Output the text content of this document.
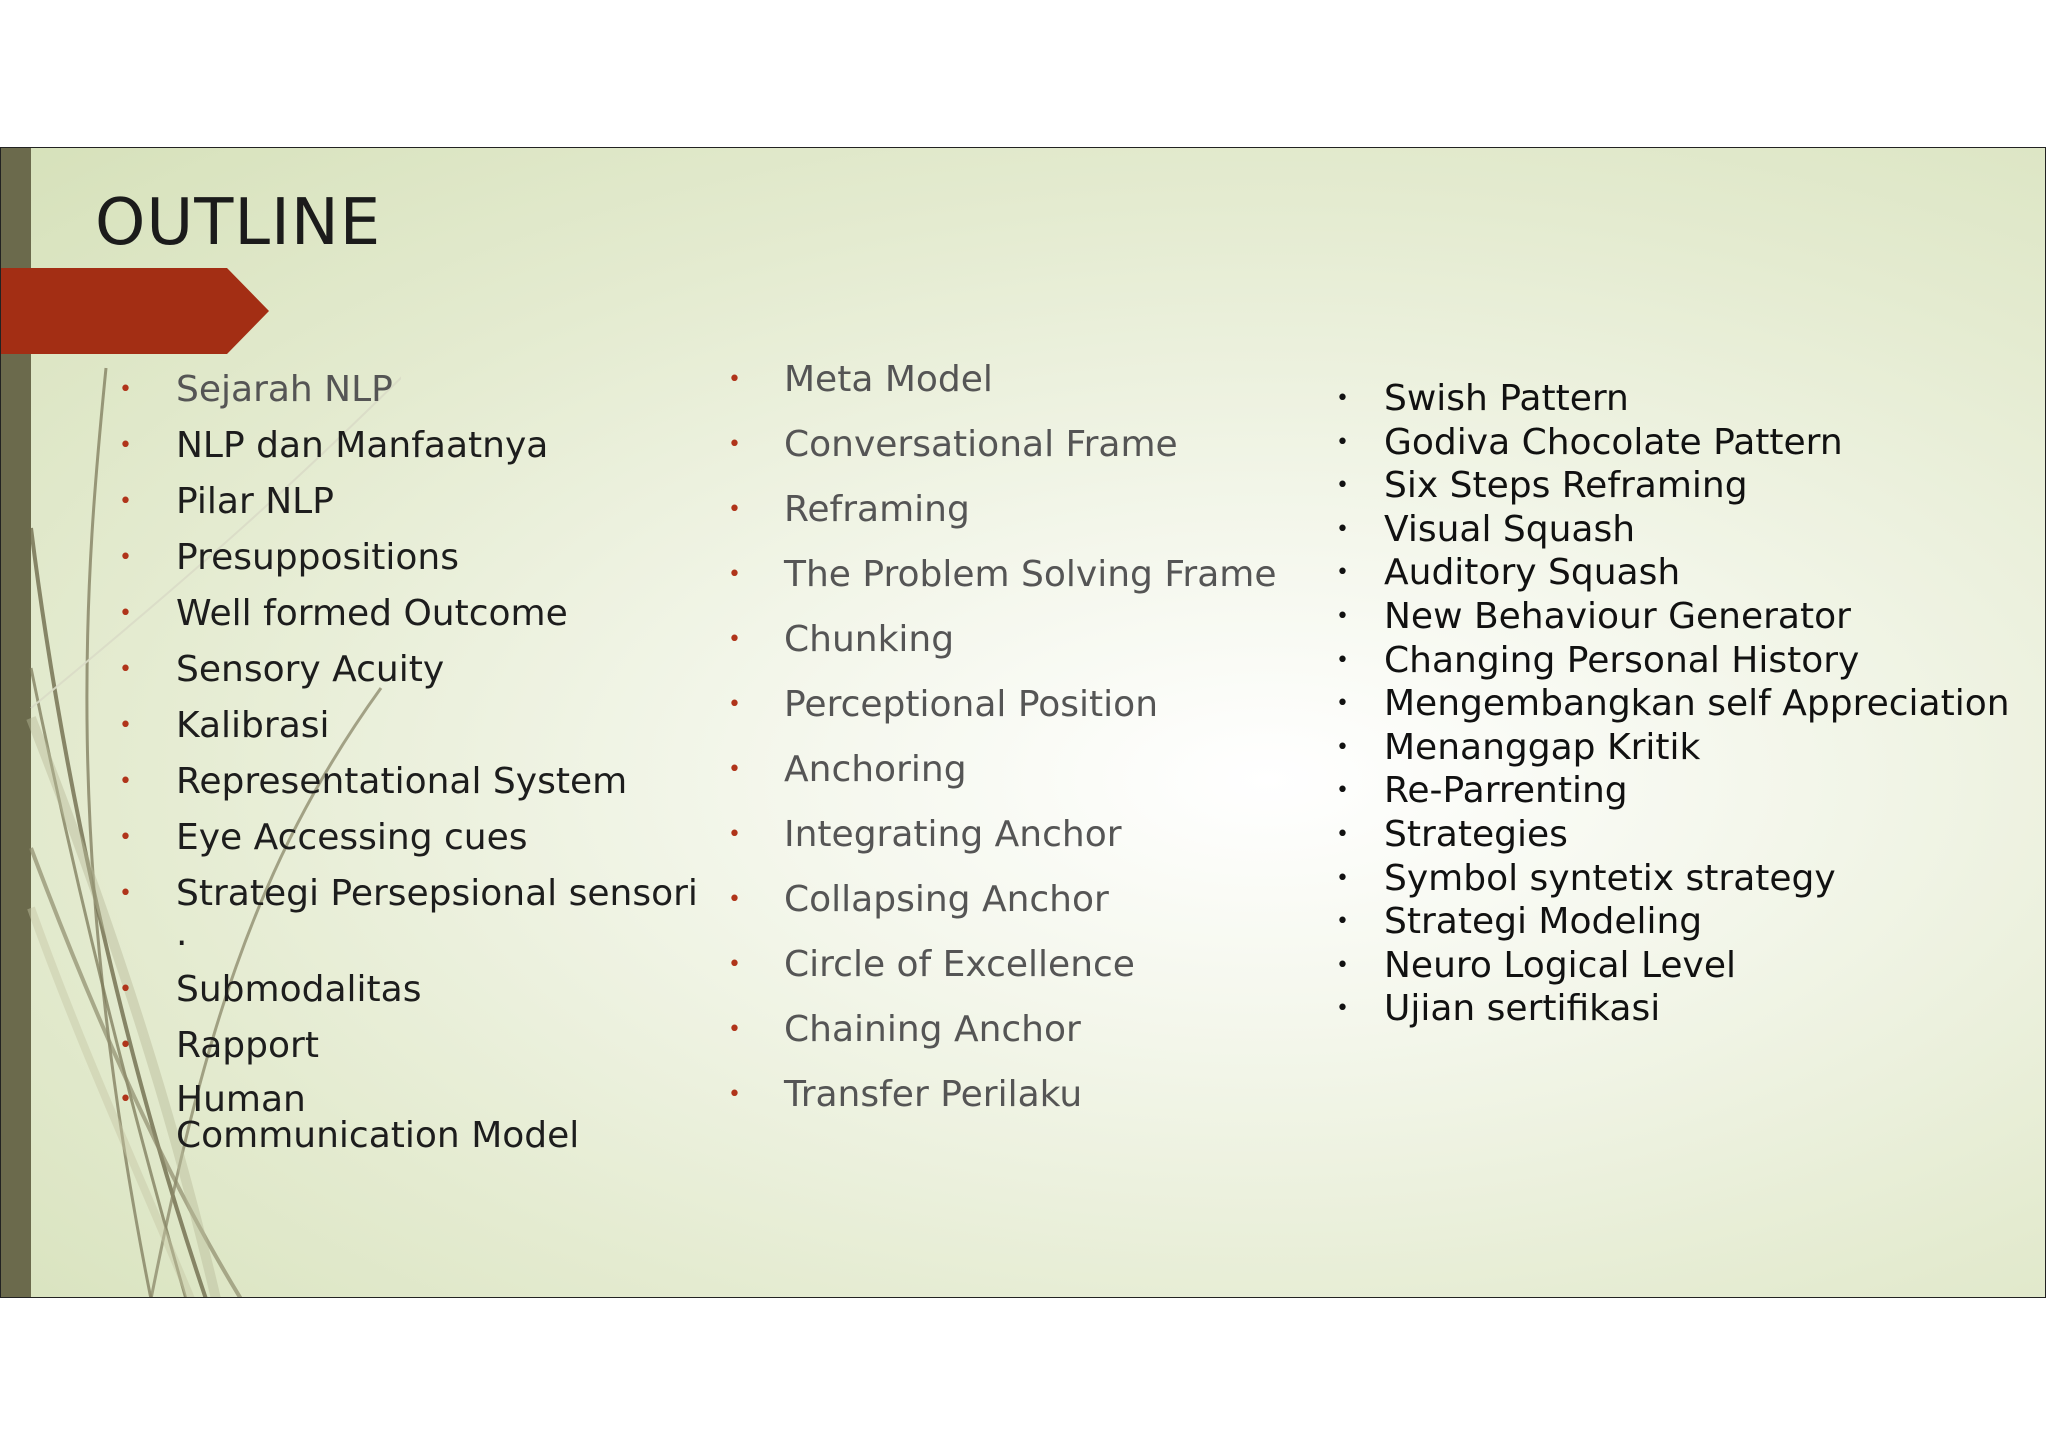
OUTLINE
• Sejarah NLP
• NLP dan Manfaatnya
• Pilar NLP
• Presuppositions
• Well formed Outcome
• Sensory Acuity
• Kalibrasi
• Representational System
• Eye Accessing cues
• Strategi Persepsional sensori .
• Submodalitas
• Rapport
• Human Communication Model
• Meta Model
• Conversational Frame
• Reframing
• The Problem Solving Frame
• Chunking
• Perceptional Position
• Anchoring
• Integrating Anchor
• Collapsing Anchor
• Circle of Excellence
• Chaining Anchor
• Transfer Perilaku
• Swish Pattern
• Godiva Chocolate Pattern
• Six Steps Reframing
• Visual Squash
• Auditory Squash
• New Behaviour Generator
• Changing Personal History
• Mengembangkan self Appreciation
• Menanggap Kritik
• Re-Parrenting
• Strategies
• Symbol syntetix strategy
• Strategi Modeling
• Neuro Logical Level
• Ujian sertifikasi
